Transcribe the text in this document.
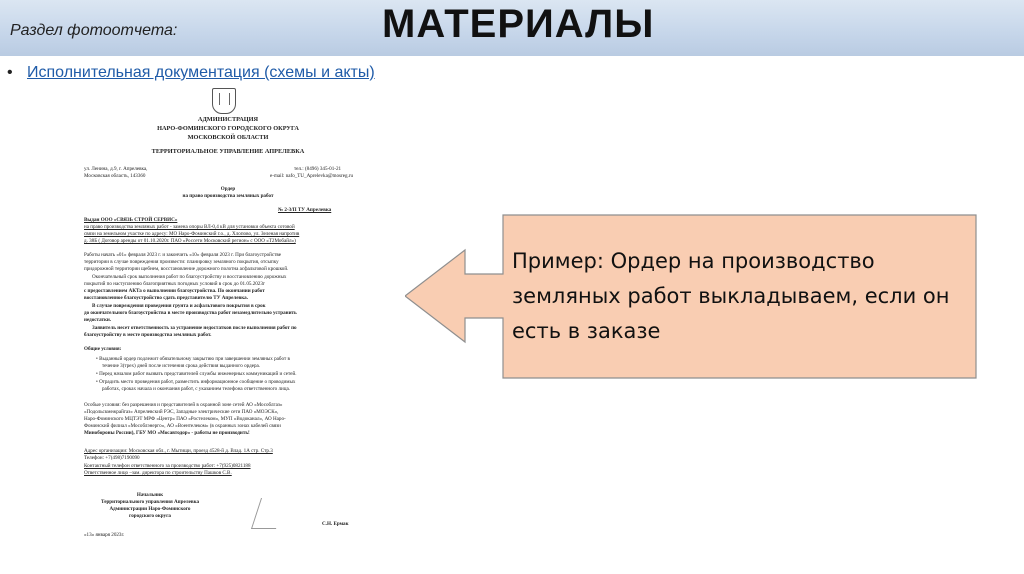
Раздел фотоотчета:	МАТЕРИАЛЫ
• Исполнительная документация (схемы и акты)
АДМИНИСТРАЦИЯ
НАРО-ФОМИНСКОГО ГОРОДСКОГО ОКРУГА
МОСКОВСКОЙ ОБЛАСТИ
ТЕРРИТОРИАЛЬНОЕ УПРАВЛЕНИЕ АПРЕЛЕВКА
ул. Ленина, д.9, г. Апрелевка,
Московская область, 143360
тел.: (8496) 345-01-21
e-mail: nafo_TU_Aprelevka@mosreg.ru
Ордер
на право производства земляных работ
№ 2-3/П ТУ Апрелевка
Выдан ООО «СВЯЗЬ СТРОЙ СЕРВИС»
на право производства земляных работ - замена опоры ВЛ-0,4 кВ для установки объекта сотовой
связи на земельном участке по адресу: МО Наро-Фоминский г.о., д. Хлопово, ул. Зеленая напротив
д. 38Б ( Договор аренды от 01.10.2020г. ПАО «Россети Московский регион» с ООО «Т2Мобайл»)
Работы начать «01» февраля 2023 г. и закончить «10» февраля 2023 г. При благоустройстве
территории в случае повреждения произвести: планировку земляного покрытия, отсыпку
придорожной территории щебнем, восстановление дорожного полотна асфальтовой крошкой.
Окончательный срок выполнения работ по благоустройству и восстановлению дорожных
покрытий по наступлению благоприятных погодных условий в срок до 01.05.2023г
с предоставлением АКТа о выполнении благоустройства. По окончании работ
восстановленное благоустройство сдать представителю ТУ Апрелевка.
В случае повреждения проведения грунта и асфальтового покрытия в срок
до окончательного благоустройства в месте производства работ незамедлительно устранить
недостатки.
Заявитель несет ответственность за устранение недостатков после выполнения работ по
благоустройству в месте производства земляных работ.
Общие условия:
• Выданный ордер подлежит обязательному закрытию при завершении земляных работ в
течение 3(трех) дней после истечения срока действия выданного ордера.
• Перед началом работ вызвать представителей службы инженерных коммуникаций и сетей.
• Оградить место проведения работ, разместить информационное сообщение о проводимых
работах, сроках начала и окончания работ, с указанием телефона ответственного лица.
Особые условия: без разрешения и представителей в охранной зоне сетей АО «Мособлгаз»
«Подольскмежрайгаз» Апрелевский РЭС, Западные электрические сети ПАО «МОЭСК»,
Наро-Фоминского МЦТЭТ МРФ «Центр» ПАО «Ростелеком», МУП «Водоканал», АО Наро-
Фоминский филиал «Мособлэнерго», АО «Воентелеком» (в охранных зонах кабелей связи
Минобороны России), ГБУ МО «Мосавтодор» - работы не производить!
Адрес организации: Московская обл., г. Мытищи, проезд 4528-й д. Влад. 1А стр. Стр.3
Телефон: +7(498)7190090
Контактный телефон ответственного за производство работ: +7(925)0821188
Ответственное лицо –зам. директора по строительству Пашков С.В.
Начальник
Территориального управления Апрелевка
Администрации Наро-Фоминского
городского округа
С.Н. Ермак
«13» января 2023г.
Пример: Ордер на производство земляных работ выкладываем, если он есть в заказе
